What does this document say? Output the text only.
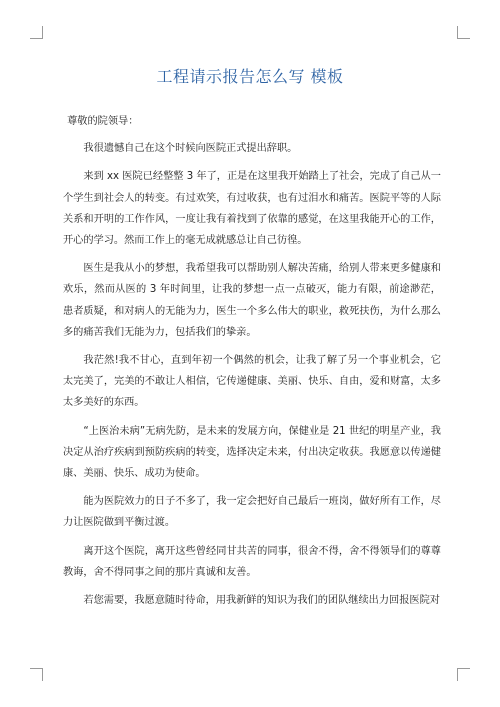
工程请示报告怎么写 模板

尊敬的院领导：

我很遗憾自己在这个时候向医院正式提出辞职。

来到 xx 医院已经整整 3 年了，正是在这里我开始踏上了社会，完成了自己从一个学生到社会人的转变。有过欢笑，有过收获，也有过泪水和痛苦。医院平等的人际关系和开明的工作作风，一度让我有着找到了依靠的感觉，在这里我能开心的工作，开心的学习。然而工作上的毫无成就感总让自己彷徨。

医生是我从小的梦想，我希望我可以帮助别人解决苦痛，给别人带来更多健康和欢乐，然而从医的 3 年时间里，让我的梦想一点一点破灭，能力有限，前途渺茫，患者质疑，和对病人的无能为力，医生一个多么伟大的职业，救死扶伤，为什么那么多的痛苦我们无能为力，包括我们的挚亲。

我茫然!我不甘心，直到年初一个偶然的机会，让我了解了另一个事业机会，它太完美了，完美的不敢让人相信，它传递健康、美丽、快乐、自由，爱和财富，太多太多美好的东西。

“上医治未病”无病先防，是未来的发展方向，保健业是 21 世纪的明星产业，我决定从治疗疾病到预防疾病的转变，选择决定未来，付出决定收获。我愿意以传递健康、美丽、快乐、成功为使命。

能为医院效力的日子不多了，我一定会把好自己最后一班岗，做好所有工作，尽力让医院做到平衡过渡。

离开这个医院，离开这些曾经同甘共苦的同事，很舍不得，舍不得领导们的尊尊教诲，舍不得同事之间的那片真诚和友善。

若您需要，我愿意随时待命，用我新鲜的知识为我们的团队继续出力回报医院对
